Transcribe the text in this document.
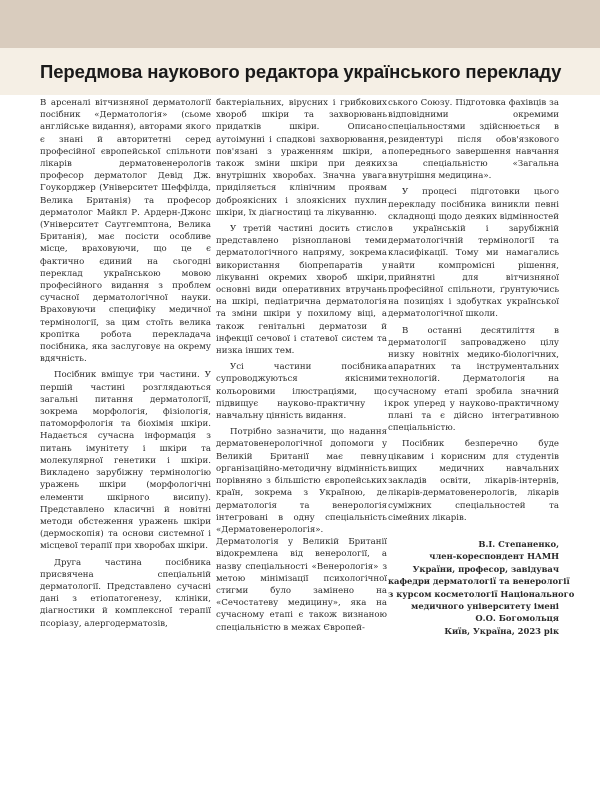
Передмова наукового редактора українського перекладу

В арсеналі вітчизняної дерматології посібник «Дерматологія» (сьоме англійське видання), авторами якого є знані й авторитетні серед професійної європейської спільноти лікарів дерматовенерологів професор дерматолог Девід Дж. Гоукорджер (Університет Шеффілда, Велика Британія) та професор дерматолог Майкл Р. Ардерн-Джонс (Університет Саутгемптона, Велика Британія), має посісти особливе місце, враховуючи, що це є фактично єдиний на сьогодні переклад українською мовою професійного видання з проблем сучасної дерматологічної науки. Враховуючи специфіку медичної термінології, за цим стоїть велика кропітка робота перекладача посібника, яка заслуговує на окрему вдячність.

Посібник вміщує три частини. У першій частині розглядаються загальні питання дерматології, зокрема морфологія, фізіологія, патоморфологія та біохімія шкіри. Надається сучасна інформація з питань імунітету і шкіри та молекулярної генетики і шкіри. Викладено зарубіжну термінологію уражень шкіри (морфологічні елементи шкірного висипу). Представлено класичні й новітні методи обстеження уражень шкіри (дермоскопія) та основи системної і місцевої терапії при хворобах шкіри.

Друга частина посібника присвячена спеціальній дерматології. Представлено сучасні дані з етіопатогенезу, клініки, діагностики й комплексної терапії псоріазу, алергодерматозів,

бактеріальних, вірусних і грибкових хвороб шкіри та захворювань придатків шкіри. Описано аутоімунні і спадкові захворювання, пов'язані з ураженням шкіри, а також зміни шкіри при деяких внутрішніх хворобах. Значна увага приділяється клінічним проявам доброякісних і злоякісних пухлин шкіри, їх діагностиці та лікуванню.

У третій частині досить стисло представлено різнопланові теми дерматологічного напряму, зокрема використання біопрепаратів у лікуванні окремих хвороб шкіри, основні види оперативних втручань на шкірі, педіатрична дерматологія та зміни шкіри у похилому віці, а також генітальні дерматози й інфекції сечової і статевої систем та низка інших тем.

Усі частини посібника супроводжуються якісними кольоровими ілюстраціями, що підвищує науково-практичну і навчальну цінність видання.

Потрібно зазначити, що надання дерматовенерологічної допомоги у Великій Британії має певну організаційно-методичну відмінність порівняно з більшістю європейських країн, зокрема з Україною, де дерматологія та венерологія інтегровані в одну спеціальність «Дерматовенерологія». Дерматологія у Великій Британії відокремлена від венерології, а назву спеціальності «Венерологія» з метою мінімізації психологічної стигми було замінено на «Сечостатеву медицину», яка на сучасному етапі є також визнаною спеціальністю в межах Європей-

ського Союзу. Підготовка фахівців за відповідними окремими спеціальностями здійснюється в резидентурі після обов'язкового попереднього завершення навчання за спеціальністю «Загальна внутрішня медицина».

У процесі підготовки цього перекладу посібника виникли певні складнощі щодо деяких відмінностей в українській і зарубіжній дерматологічній термінології та класифікації. Тому ми намагались найти компромісні рішення, прийнятні для вітчизняної професійної спільноти, ґрунтуючись на позиціях і здобутках української дерматологічної школи.

В останні десятиліття в дерматології запроваджено цілу низку новітніх медико-біологічних, апаратних та інструментальних технологій. Дерматологія на сучасному етапі зробила значний крок уперед у науково-практичному плані та є дійсно інтегративною спеціальністю.

Посібник безперечно буде цікавим і корисним для студентів вищих медичних навчальних закладів освіти, лікарів-інтернів, лікарів-дерматовенерологів, лікарів суміжних спеціальностей та сімейних лікарів.

В.І. Степаненко,
член-кореспондент НАМН
України, професор, завідувач
кафедри дерматології та венерології
з курсом косметології Національного
медичного університету імені
О.О. Богомольця
Київ, Україна, 2023 рік
